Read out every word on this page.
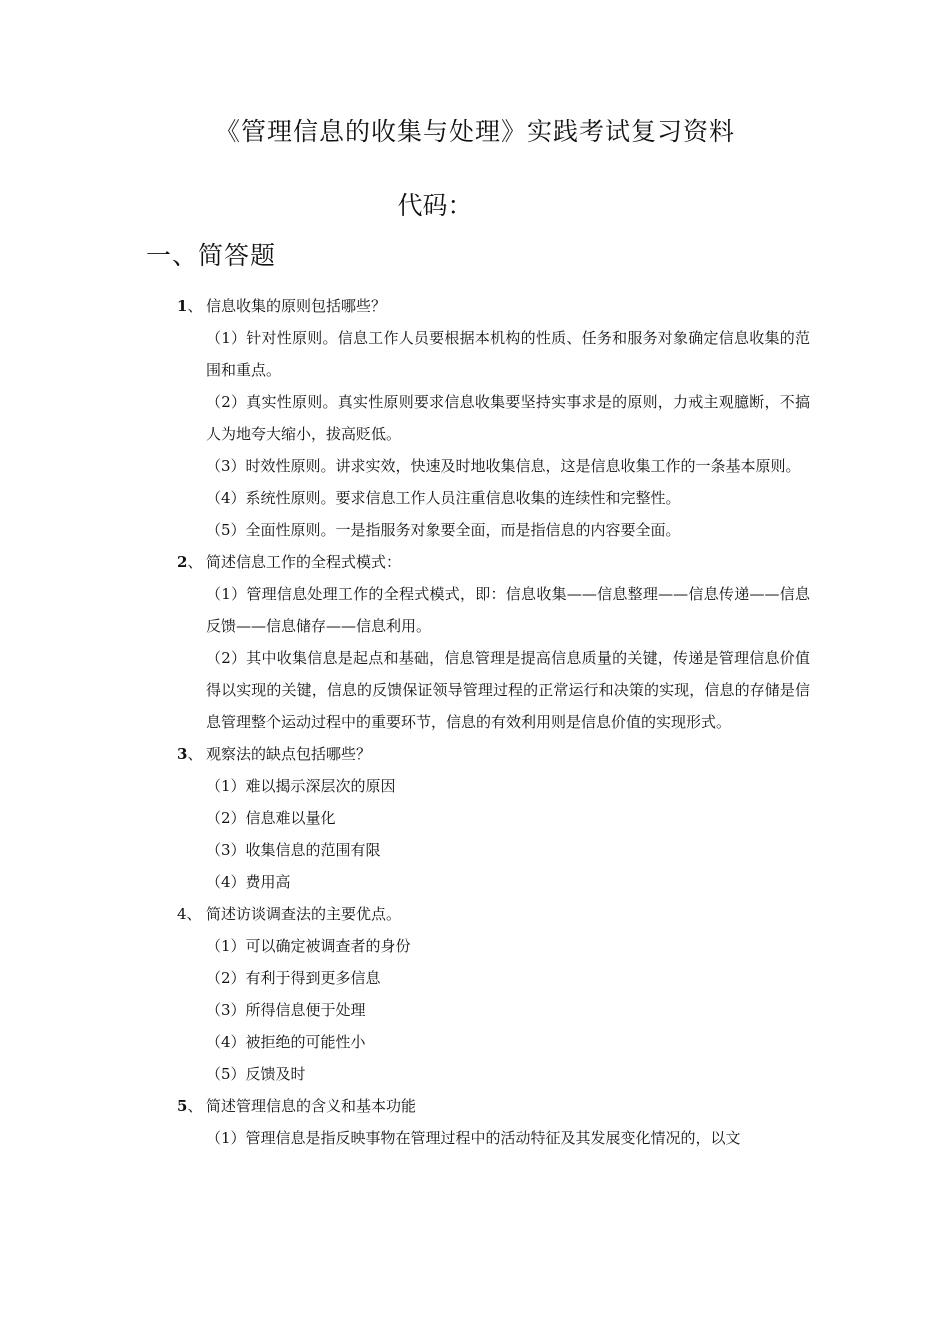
《管理信息的收集与处理》实践考试复习资料
代码：
一、简答题
1、 信息收集的原则包括哪些？
（1）针对性原则。信息工作人员要根据本机构的性质、任务和服务对象确定信息收集的范围和重点。
（2）真实性原则。真实性原则要求信息收集要坚持实事求是的原则，力戒主观臆断，不搞人为地夸大缩小，拔高贬低。
（3）时效性原则。讲求实效，快速及时地收集信息，这是信息收集工作的一条基本原则。
（4）系统性原则。要求信息工作人员注重信息收集的连续性和完整性。
（5）全面性原则。一是指服务对象要全面，而是指信息的内容要全面。
2、 简述信息工作的全程式模式：
（1）管理信息处理工作的全程式模式，即：信息收集——信息整理——信息传递——信息反馈——信息储存——信息利用。
（2）其中收集信息是起点和基础，信息管理是提高信息质量的关键，传递是管理信息价值得以实现的关键，信息的反馈保证领导管理过程的正常运行和决策的实现，信息的存储是信息管理整个运动过程中的重要环节，信息的有效利用则是信息价值的实现形式。
3、 观察法的缺点包括哪些？
（1）难以揭示深层次的原因
（2）信息难以量化
（3）收集信息的范围有限
（4）费用高
4、 简述访谈调查法的主要优点。
（1）可以确定被调查者的身份
（2）有利于得到更多信息
（3）所得信息便于处理
（4）被拒绝的可能性小
（5）反馈及时
5、 简述管理信息的含义和基本功能
（1）管理信息是指反映事物在管理过程中的活动特征及其发展变化情况的，以文
